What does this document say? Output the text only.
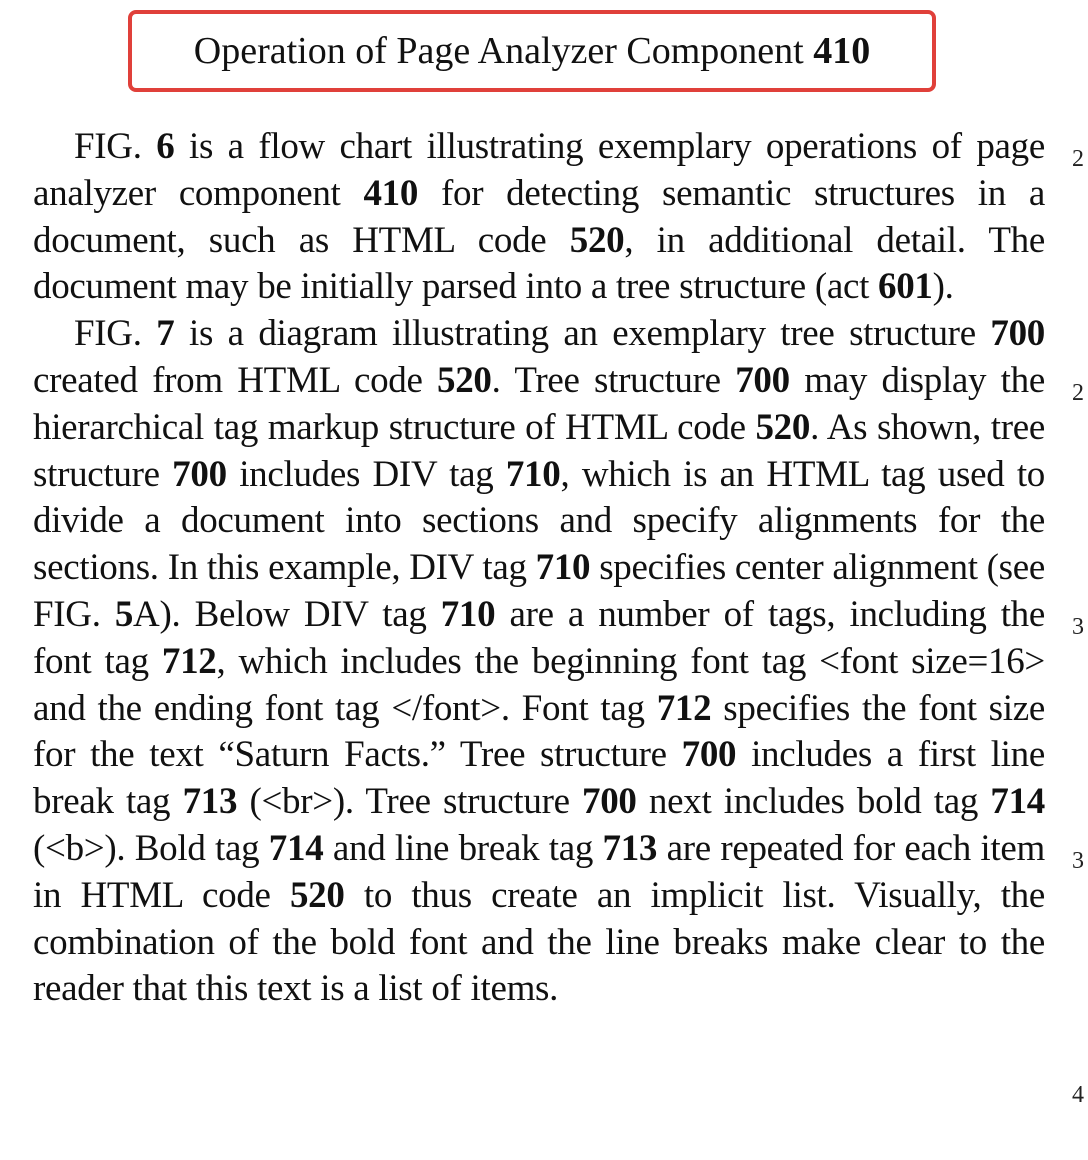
Operation of Page Analyzer Component 410

FIG. 6 is a flow chart illustrating exemplary operations of page analyzer component 410 for detecting semantic structures in a document, such as HTML code 520, in additional detail. The document may be initially parsed into a tree structure (act 601).

FIG. 7 is a diagram illustrating an exemplary tree structure 700 created from HTML code 520. Tree structure 700 may display the hierarchical tag markup structure of HTML code 520. As shown, tree structure 700 includes DIV tag 710, which is an HTML tag used to divide a document into sections and specify alignments for the sections. In this example, DIV tag 710 specifies center alignment (see FIG. 5A). Below DIV tag 710 are a number of tags, including the font tag 712, which includes the beginning font tag <font size=16> and the ending font tag </font>. Font tag 712 specifies the font size for the text “Saturn Facts.” Tree structure 700 includes a first line break tag 713 (<br>). Tree structure 700 next includes bold tag 714 (<b>). Bold tag 714 and line break tag 713 are repeated for each item in HTML code 520 to thus create an implicit list. Visually, the combination of the bold font and the line breaks make clear to the reader that this text is a list of items.

2
2
3
3
4
